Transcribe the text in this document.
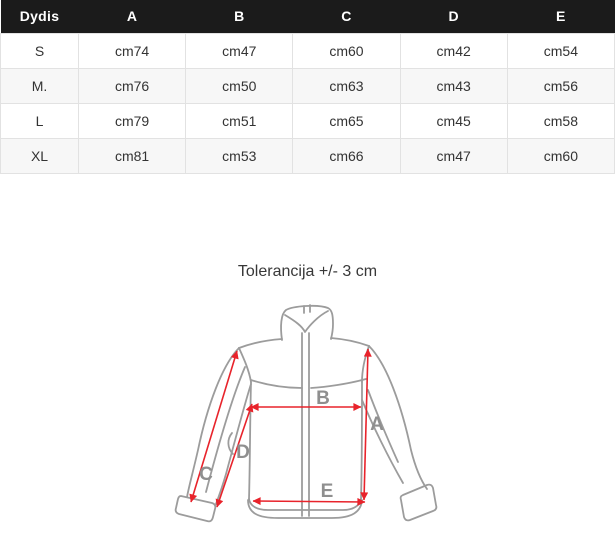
Dydis	A	B	C	D	E
S	cm74	cm47	cm60	cm42	cm54
M.	cm76	cm50	cm63	cm43	cm56
L	cm79	cm51	cm65	cm45	cm58
XL	cm81	cm53	cm66	cm47	cm60
Tolerancija +/- 3 cm
A
B
C
D
E
